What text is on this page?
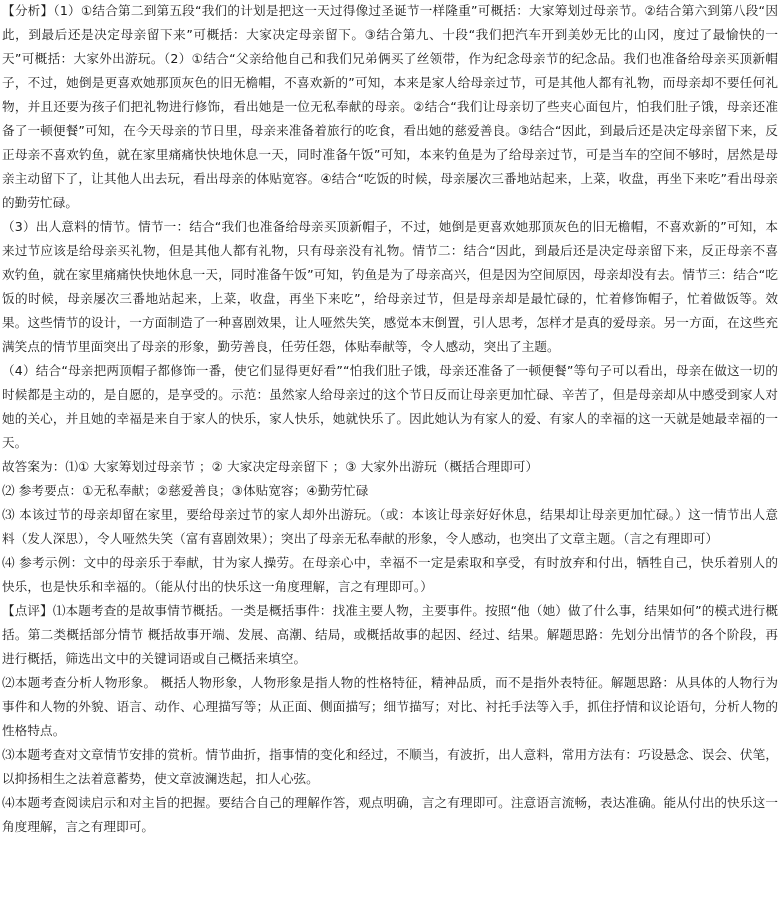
【分析】（1）①结合第二到第五段“我们的计划是把这一天过得像过圣诞节一样隆重”可概括：大家筹划过母亲节。②结合第六到第八段“因此，到最后还是决定母亲留下来”可概括：大家决定母亲留下。③结合第九、十段“我们把汽车开到美妙无比的山冈，度过了最愉快的一天”可概括：大家外出游玩。（2）①结合“父亲给他自己和我们兄弟俩买了丝领带，作为纪念母亲节的纪念品。我们也准备给母亲买顶新帽子，不过，她倒是更喜欢她那顶灰色的旧无檐帽，不喜欢新的”可知，本来是家人给母亲过节，可是其他人都有礼物，而母亲却不要任何礼物，并且还要为孩子们把礼物进行修饰，看出她是一位无私奉献的母亲。②结合“我们让母亲切了些夹心面包片，怕我们肚子饿，母亲还准备了一顿便餐”可知，在今天母亲的节日里，母亲来准备着旅行的吃食，看出她的慈爱善良。③结合“因此，到最后还是决定母亲留下来，反正母亲不喜欢钓鱼，就在家里痛痛快快地休息一天，同时准备午饭”可知，本来钓鱼是为了给母亲过节，可是当车的空间不够时，居然是母亲主动留下了，让其他人出去玩，看出母亲的体贴宽容。④结合“吃饭的时候，母亲屡次三番地站起来，上菜，收盘，再坐下来吃”看出母亲的勤劳忙碌。

（3）出人意料的情节。情节一：结合“我们也准备给母亲买顶新帽子，不过，她倒是更喜欢她那顶灰色的旧无檐帽，不喜欢新的”可知，本来过节应该是给母亲买礼物，但是其他人都有礼物，只有母亲没有礼物。情节二：结合“因此，到最后还是决定母亲留下来，反正母亲不喜欢钓鱼，就在家里痛痛快快地休息一天，同时准备午饭”可知，钓鱼是为了母亲高兴，但是因为空间原因，母亲却没有去。情节三：结合“吃饭的时候，母亲屡次三番地站起来，上菜，收盘，再坐下来吃”，给母亲过节，但是母亲却是最忙碌的，忙着修饰帽子，忙着做饭等。效果。这些情节的设计，一方面制造了一种喜剧效果，让人哑然失笑，感觉本末倒置，引人思考，怎样才是真的爱母亲。另一方面，在这些充满笑点的情节里面突出了母亲的形象，勤劳善良，任劳任怨，体贴奉献等，令人感动，突出了主题。

（4）结合“母亲把两顶帽子都修饰一番，使它们显得更好看”“怕我们肚子饿，母亲还准备了一顿便餐”等句子可以看出，母亲在做这一切的时候都是主动的，是自愿的，是享受的。示范：虽然家人给母亲过的这个节日反而让母亲更加忙碌、辛苦了，但是母亲却从中感受到家人对她的关心，并且她的幸福是来自于家人的快乐，家人快乐，她就快乐了。因此她认为有家人的爱、有家人的幸福的这一天就是她最幸福的一天。

故答案为：⑴① 大家筹划过母亲节 ；② 大家决定母亲留下 ；③ 大家外出游玩（概括合理即可）

⑵ 参考要点：①无私奉献；②慈爱善良；③体贴宽容；④勤劳忙碌

⑶ 本该过节的母亲却留在家里，要给母亲过节的家人却外出游玩。（或：本该让母亲好好休息，结果却让母亲更加忙碌。）这一情节出人意料（发人深思），令人哑然失笑（富有喜剧效果）；突出了母亲无私奉献的形象，令人感动，也突出了文章主题。（言之有理即可）

⑷ 参考示例：文中的母亲乐于奉献，甘为家人操劳。在母亲心中，幸福不一定是索取和享受，有时放弃和付出，牺牲自己，快乐着别人的快乐，也是快乐和幸福的。（能从付出的快乐这一角度理解，言之有理即可。）

【点评】⑴本题考查的是故事情节概括。一类是概括事件：找准主要人物，主要事件。按照“他（她）做了什么事，结果如何”的模式进行概括。第二类概括部分情节 概括故事开端、发展、高潮、结局，或概括故事的起因、经过、结果。解题思路：先划分出情节的各个阶段，再进行概括，筛选出文中的关键词语或自己概括来填空。

⑵本题考查分析人物形象。 概括人物形象，人物形象是指人物的性格特征，精神品质，而不是指外表特征。解题思路：从具体的人物行为事件和人物的外貌、语言、动作、心理描写等；从正面、侧面描写；细节描写；对比、衬托手法等入手，抓住抒情和议论语句，分析人物的性格特点。

⑶本题考查对文章情节安排的赏析。情节曲折，指事情的变化和经过，不顺当，有波折，出人意料，常用方法有：巧设悬念、误会、伏笔，以抑扬相生之法着意蓄势，使文章波澜迭起，扣人心弦。

⑷本题考查阅读启示和对主旨的把握。要结合自己的理解作答，观点明确，言之有理即可。注意语言流畅，表达准确。能从付出的快乐这一角度理解，言之有理即可。
